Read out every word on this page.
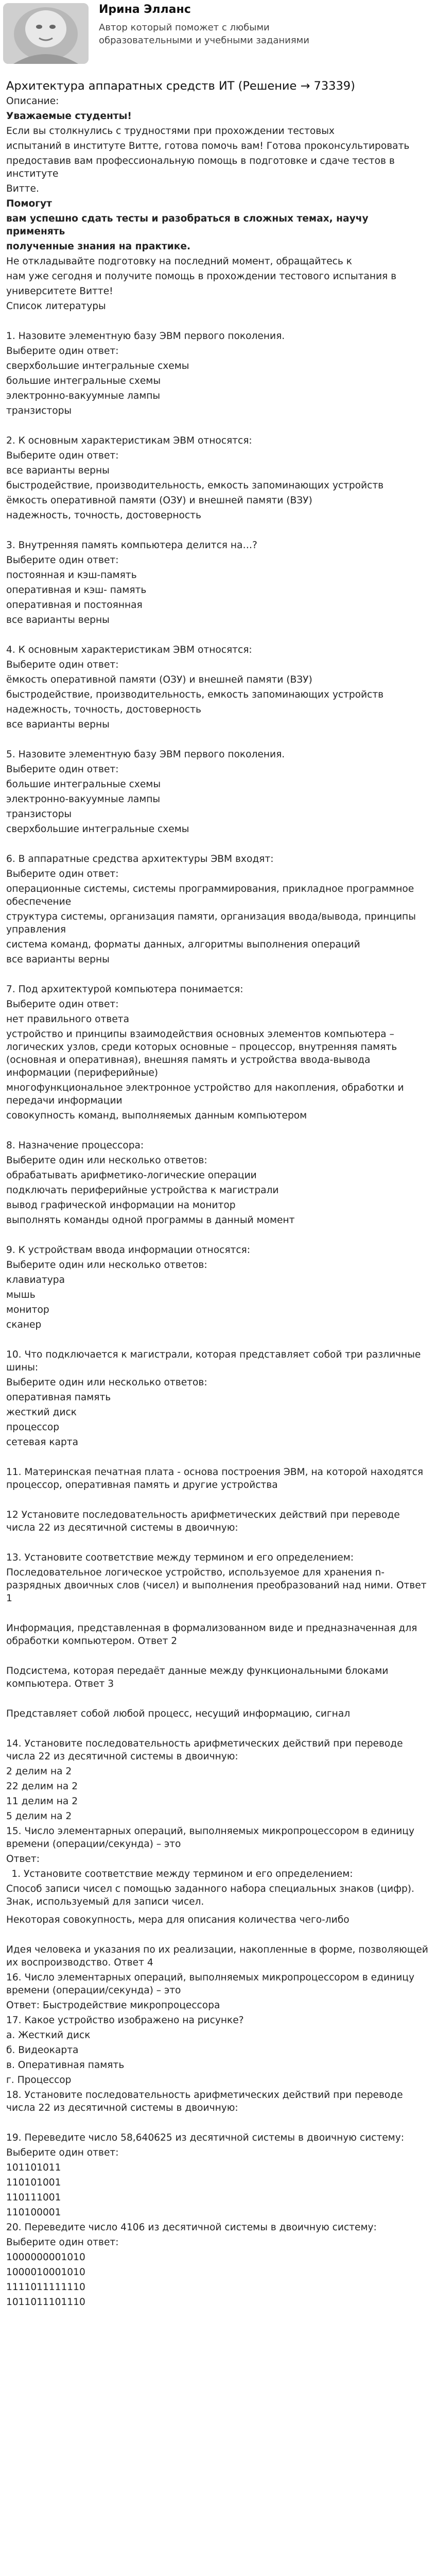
Ирина Элланс
Автор который поможет с любыми образовательными и учебными заданиями
Архитектура аппаратных средств ИТ (Решение → 73339)

Описание:

Уважаемые студенты!

Если вы столкнулись с трудностями при прохождении тестовых

испытаний в институте Витте, готова помочь вам! Готова проконсультировать

предоставив вам профессиональную помощь в подготовке и сдаче тестов в институте

Витте.

Помогут

вам успешно сдать тесты и разобраться в сложных темах, научу применять

полученные знания на практике.

Не откладывайте подготовку на последний момент, обращайтесь к

нам уже сегодня и получите помощь в прохождении тестового испытания в

университете Витте!

Список литературы

1. Назовите элементную базу ЭВМ первого поколения.

Выберите один ответ:

сверхбольшие интегральные схемы

большие интегральные схемы

электронно-вакуумные лампы

транзисторы

2. К основным характеристикам ЭВМ относятся:

Выберите один ответ:

все варианты верны

быстродействие, производительность, емкость запоминающих устройств

ёмкость оперативной памяти (ОЗУ) и внешней памяти (ВЗУ)

надежность, точность, достоверность

3. Внутренняя память компьютера делится на…?

Выберите один ответ:

постоянная и кэш-память

оперативная и кэш- память

оперативная и постоянная

все варианты верны

4. К основным характеристикам ЭВМ относятся:

Выберите один ответ:

ёмкость оперативной памяти (ОЗУ) и внешней памяти (ВЗУ)

быстродействие, производительность, емкость запоминающих устройств

надежность, точность, достоверность

все варианты верны

5. Назовите элементную базу ЭВМ первого поколения.

Выберите один ответ:

большие интегральные схемы

электронно-вакуумные лампы

транзисторы

сверхбольшие интегральные схемы

6. В аппаратные средства архитектуры ЭВМ входят:

Выберите один ответ:

операционные системы, системы программирования, прикладное программное обеспечение

структура системы, организация памяти, организация ввода/вывода, принципы управления

система команд, форматы данных, алгоритмы выполнения операций

все варианты верны

7. Под архитектурой компьютера понимается:

Выберите один ответ:

нет правильного ответа

устройство и принципы взаимодействия основных элементов компьютера – логических узлов, среди которых основные – процессор, внутренняя память (основная и оперативная), внешняя память и устройства ввода-вывода информации (периферийные)

многофункциональное электронное устройство для накопления, обработки и передачи информации

совокупность команд, выполняемых данным компьютером

8. Назначение процессора:

Выберите один или несколько ответов:

обрабатывать арифметико-логические операции

подключать периферийные устройства к магистрали

вывод графической информации на монитор

выполнять команды одной программы в данный момент

9. К устройствам ввода информации относятся:

Выберите один или несколько ответов:

клавиатура

мышь

монитор

сканер

10. Что подключается к магистрали, которая представляет собой три различные шины:

Выберите один или несколько ответов:

оперативная память

жесткий диск

процессор

сетевая карта

11. Материнская печатная плата - основа построения ЭВМ, на которой находятся процессор, оперативная память и другие устройства

12 Установите последовательность арифметических действий при переводе числа 22 из десятичной системы в двоичную:

13. Установите соответствие между термином и его определением:

Последовательное логическое устройство, используемое для хранения n-разрядных двоичных слов (чисел) и выполнения преобразований над ними. Ответ 1

Информация, представленная в формализованном виде и предназначенная для обработки компьютером. Ответ 2

Подсистема, которая передаёт данные между функциональными блоками компьютера. Ответ 3

Представляет собой любой процесс, несущий информацию, сигнал

14. Установите последовательность арифметических действий при переводе числа 22 из десятичной системы в двоичную:

2 делим на 2

22 делим на 2

11 делим на 2

5 делим на 2

15. Число элементарных операций, выполняемых микропроцессором в единицу времени (операции/секунда) – это

Ответ:

1. Установите соответствие между термином и его определением:

Способ записи чисел с помощью заданного набора специальных знаков (цифр). Знак, используемый для записи чисел.

Некоторая совокупность, мера для описания количества чего-либо

Идея человека и указания по их реализации, накопленные в форме, позволяющей их воспроизводство. Ответ 4

16. Число элементарных операций, выполняемых микропроцессором в единицу времени (операции/секунда) – это

Ответ: Быстродействие микропроцессора

17. Какое устройство изображено на рисунке?

а. Жесткий диск

б. Видеокарта

в. Оперативная память

г. Процессор

18. Установите последовательность арифметических действий при переводе числа 22 из десятичной системы в двоичную:

19. Переведите число 58,640625 из десятичной системы в двоичную систему:

Выберите один ответ:

101101011

110101001

110111001

110100001

20. Переведите число 4106 из десятичной системы в двоичную систему:

Выберите один ответ:

1000000001010

1000010001010

1111011111110

1011011101110
